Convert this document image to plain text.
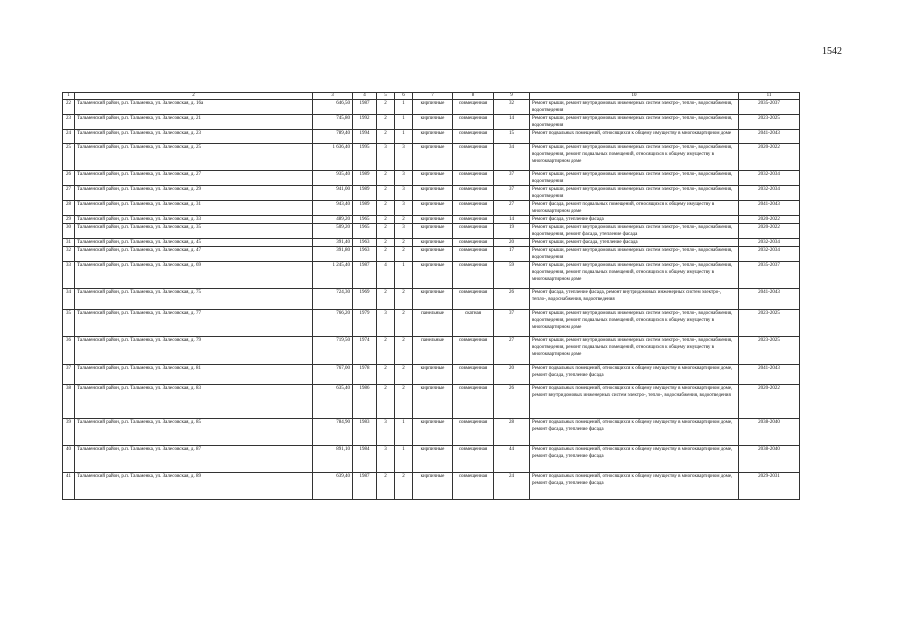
1542
1	2	3	4	5	6	7	8	9	10	11
22	Тальменский район, р.п. Тальменка, ул. Залесовская, д. 16а	646,50	1987	2	1	кирпичные	совмещенная	32	Ремонт крыши, ремонт внутридомовых инженерных систем электро-, тепло-, водоснабжения, водоотведения	2035-2037
23	Тальменский район, р.п. Тальменка, ул. Залесовская, д. 21	745,80	1992	2	1	кирпичные	совмещенная	14	Ремонт крыши, ремонт внутридомовых инженерных систем электро-, тепло-, водоснабжения, водоотведения	2023-2025
24	Тальменский район, р.п. Тальменка, ул. Залесовская, д. 23	789,40	1994	2	1	кирпичные	совмещенная	15	Ремонт подвальных помещений, относящихся к общему имуществу в многоквартирном доме	2041-2043
25	Тальменский район, р.п. Тальменка, ул. Залесовская, д. 25	1 636,40	1995	3	3	кирпичные	совмещенная	34	Ремонт крыши, ремонт внутридомовых инженерных систем электро-, тепло-, водоснабжения, водоотведения, ремонт подвальных помещений, относящихся к общему имуществу в многоквартирном доме	2020-2022
26	Тальменский район, р.п. Тальменка, ул. Залесовская, д. 27	935,40	1989	2	3	кирпичные	совмещенная	37	Ремонт крыши, ремонт внутридомовых инженерных систем электро-, тепло-, водоснабжения, водоотведения	2032-2034
27	Тальменский район, р.п. Тальменка, ул. Залесовская, д. 29	941,00	1989	2	3	кирпичные	совмещенная	37	Ремонт крыши, ремонт внутридомовых инженерных систем электро-, тепло-, водоснабжения, водоотведения	2032-2034
28	Тальменский район, р.п. Тальменка, ул. Залесовская, д. 31	943,40	1989	2	3	кирпичные	совмещенная	27	Ремонт фасада, ремонт подвальных помещений, относящихся к общему имуществу в многоквартирном доме	2041-2043
29	Тальменский район, р.п. Тальменка, ул. Залесовская, д. 33	489,20	1965	2	2	кирпичные	совмещенная	14	Ремонт фасада, утепление фасада	2020-2022
30	Тальменский район, р.п. Тальменка, ул. Залесовская, д. 35	509,20	1965	2	3	кирпичные	совмещенная	19	Ремонт крыши, ремонт внутридомовых инженерных систем электро-, тепло-, водоснабжения, водоотведения, ремонт фасада, утепление фасада	2020-2022
31	Тальменский район, р.п. Тальменка, ул. Залесовская, д. 45	391,40	1963	2	2	кирпичные	совмещенная	20	Ремонт крыши, ремонт фасада, утепление фасада	2032-2034
32	Тальменский район, р.п. Тальменка, ул. Залесовская, д. 47	391,80	1963	2	2	кирпичные	совмещенная	17	Ремонт крыши, ремонт внутридомовых инженерных систем электро-, тепло-, водоснабжения, водоотведения	2032-2034
33	Тальменский район, р.п. Тальменка, ул. Залесовская, д. 69	1 245,40	1987	4	1	кирпичные	совмещенная	59	Ремонт крыши, ремонт внутридомовых инженерных систем электро-, тепло-, водоснабжения, водоотведения, ремонт подвальных помещений, относящихся к общему имуществу в многоквартирном доме	2035-2037
34	Тальменский район, р.п. Тальменка, ул. Залесовская, д. 75	724,30	1969	2	2	кирпичные	совмещенная	26	Ремонт фасада, утепление фасада, ремонт внутридомовых инженерных систем электро-, тепло-, водоснабжения, водоотведения	2041-2043
35	Тальменский район, р.п. Тальменка, ул. Залесовская, д. 77	766,20	1979	3	2	панельные	скатная	37	Ремонт крыши, ремонт внутридомовых инженерных систем электро-, тепло-, водоснабжения, водоотведения, ремонт подвальных помещений, относящихся к общему имуществу в многоквартирном доме	2023-2025
36	Тальменский район, р.п. Тальменка, ул. Залесовская, д. 79	719,50	1974	2	2	панельные	совмещенная	27	Ремонт крыши, ремонт внутридомовых инженерных систем электро-, тепло-, водоснабжения, водоотведения, ремонт подвальных помещений, относящихся к общему имуществу в многоквартирном доме	2023-2025
37	Тальменский район, р.п. Тальменка, ул. Залесовская, д. 81	767,00	1978	2	2	кирпичные	совмещенная	20	Ремонт подвальных помещений, относящихся к общему имуществу в многоквартирном доме, ремонт фасада, утепление фасада	2041-2043
38	Тальменский район, р.п. Тальменка, ул. Залесовская, д. 83	635,40	1986	2	2	кирпичные	совмещенная	26	Ремонт подвальных помещений, относящихся к общему имуществу в многоквартирном доме, ремонт внутридомовых инженерных систем электро-, тепло-, водоснабжения, водоотведения	2020-2022
39	Тальменский район, р.п. Тальменка, ул. Залесовская, д. 85	784,90	1983	3	1	кирпичные	совмещенная	28	Ремонт подвальных помещений, относящихся к общему имуществу в многоквартирном доме, ремонт фасада, утепление фасада	2038-2040
40	Тальменский район, р.п. Тальменка, ул. Залесовская, д. 87	891,10	1984	3	1	кирпичные	совмещенная	44	Ремонт подвальных помещений, относящихся к общему имуществу в многоквартирном доме, ремонт фасада, утепление фасада	2038-2040
41	Тальменский район, р.п. Тальменка, ул. Залесовская, д. 89	639,40	1987	2	2	кирпичные	совмещенная	24	Ремонт подвальных помещений, относящихся к общему имуществу в многоквартирном доме, ремонт фасада, утепление фасада	2029-2031
